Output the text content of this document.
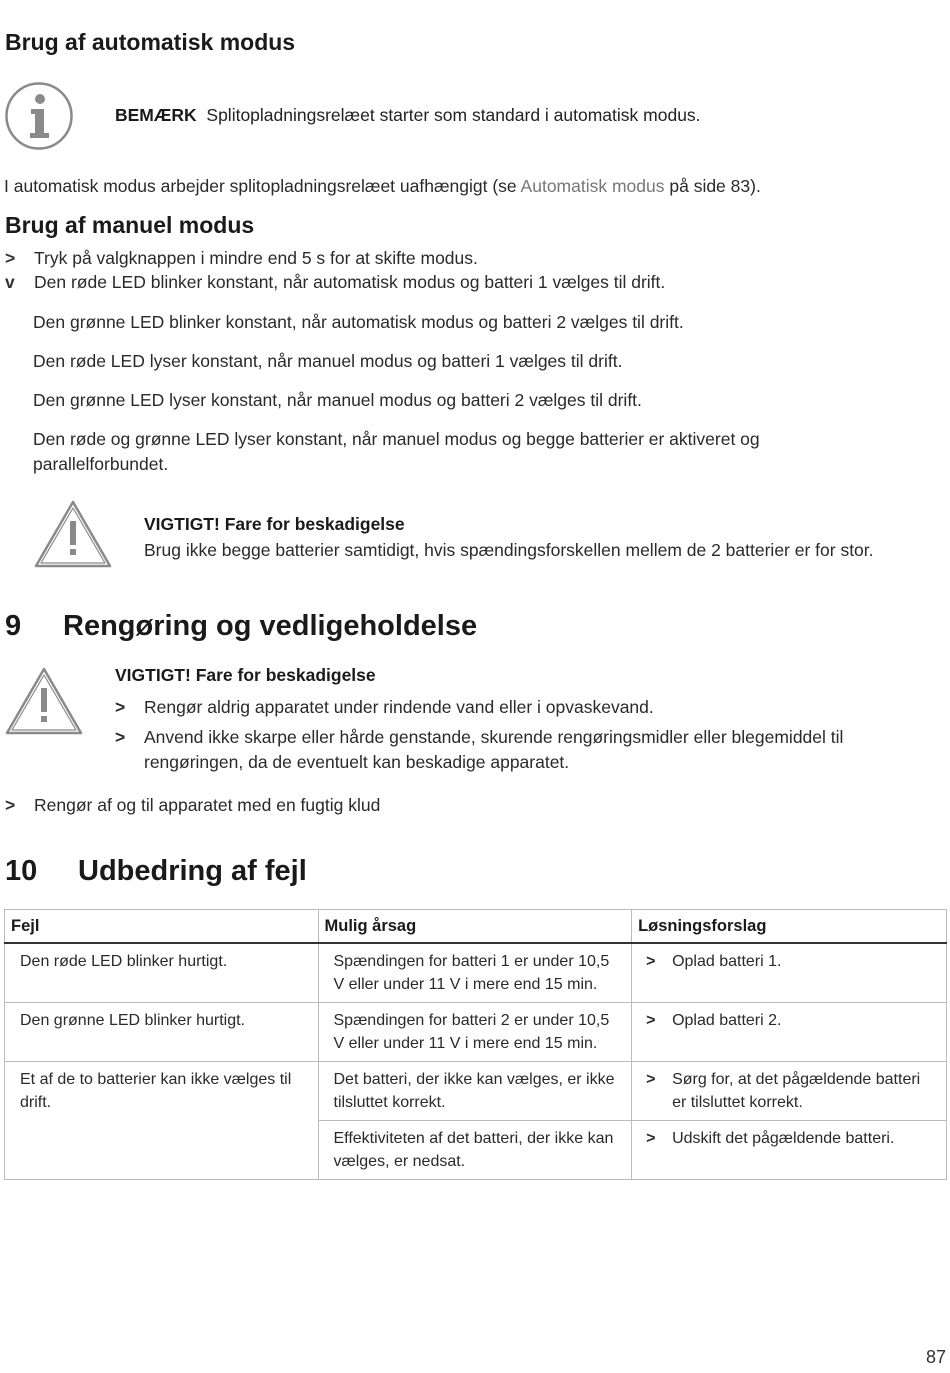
Brug af automatisk modus
BEMÆRK Splitopladningsrelæet starter som standard i automatisk modus.
I automatisk modus arbejder splitopladningsrelæet uafhængigt (se Automatisk modus på side 83).
Brug af manuel modus
> Tryk på valgknappen i mindre end 5 s for at skifte modus.
v Den røde LED blinker konstant, når automatisk modus og batteri 1 vælges til drift.
Den grønne LED blinker konstant, når automatisk modus og batteri 2 vælges til drift.
Den røde LED lyser konstant, når manuel modus og batteri 1 vælges til drift.
Den grønne LED lyser konstant, når manuel modus og batteri 2 vælges til drift.
Den røde og grønne LED lyser konstant, når manuel modus og begge batterier er aktiveret og parallelforbundet.
VIGTIGT! Fare for beskadigelse
Brug ikke begge batterier samtidigt, hvis spændingsforskellen mellem de 2 batterier er for stor.
9 Rengøring og vedligeholdelse
VIGTIGT! Fare for beskadigelse
>	Rengør aldrig apparatet under rindende vand eller i opvaskevand.
>	Anvend ikke skarpe eller hårde genstande, skurende rengøringsmidler eller blegemiddel til rengøringen, da de eventuelt kan beskadige apparatet.
> Rengør af og til apparatet med en fugtig klud
10 Udbedring af fejl
Fejl	Mulig årsag	Løsningsforslag
Den røde LED blinker hurtigt.	Spændingen for batteri 1 er under 10,5 V eller under 11 V i mere end 15 min.	> Oplad batteri 1.
Den grønne LED blinker hurtigt.	Spændingen for batteri 2 er under 10,5 V eller under 11 V i mere end 15 min.	> Oplad batteri 2.
Et af de to batterier kan ikke vælges til drift.	Det batteri, der ikke kan vælges, er ikke tilsluttet korrekt.	> Sørg for, at det pågældende batteri er tilsluttet korrekt.
	Effektiviteten af det batteri, der ikke kan vælges, er nedsat.	> Udskift det pågældende batteri.
87
